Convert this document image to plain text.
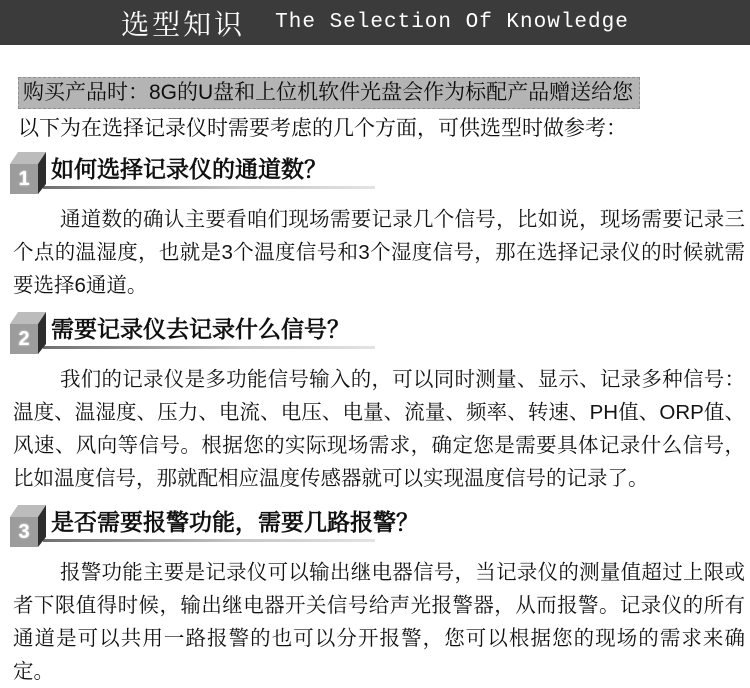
选型知识 The Selection Of Knowledge
购买产品时：8G的U盘和上位机软件光盘会作为标配产品赠送给您
以下为在选择记录仪时需要考虑的几个方面，可供选型时做参考：
1 如何选择记录仪的通道数？

通道数的确认主要看咱们现场需要记录几个信号，比如说，现场需要记录三个点的温湿度，也就是3个温度信号和3个湿度信号，那在选择记录仪的时候就需要选择6通道。

2 需要记录仪去记录什么信号？

我们的记录仪是多功能信号输入的，可以同时测量、显示、记录多种信号：温度、温湿度、压力、电流、电压、电量、流量、频率、转速、PH值、ORP值、风速、风向等信号。根据您的实际现场需求，确定您是需要具体记录什么信号，比如温度信号，那就配相应温度传感器就可以实现温度信号的记录了。

3 是否需要报警功能，需要几路报警？

报警功能主要是记录仪可以输出继电器信号，当记录仪的测量值超过上限或者下限值得时候，输出继电器开关信号给声光报警器，从而报警。记录仪的所有通道是可以共用一路报警的也可以分开报警，您可以根据您的现场的需求来确定。
